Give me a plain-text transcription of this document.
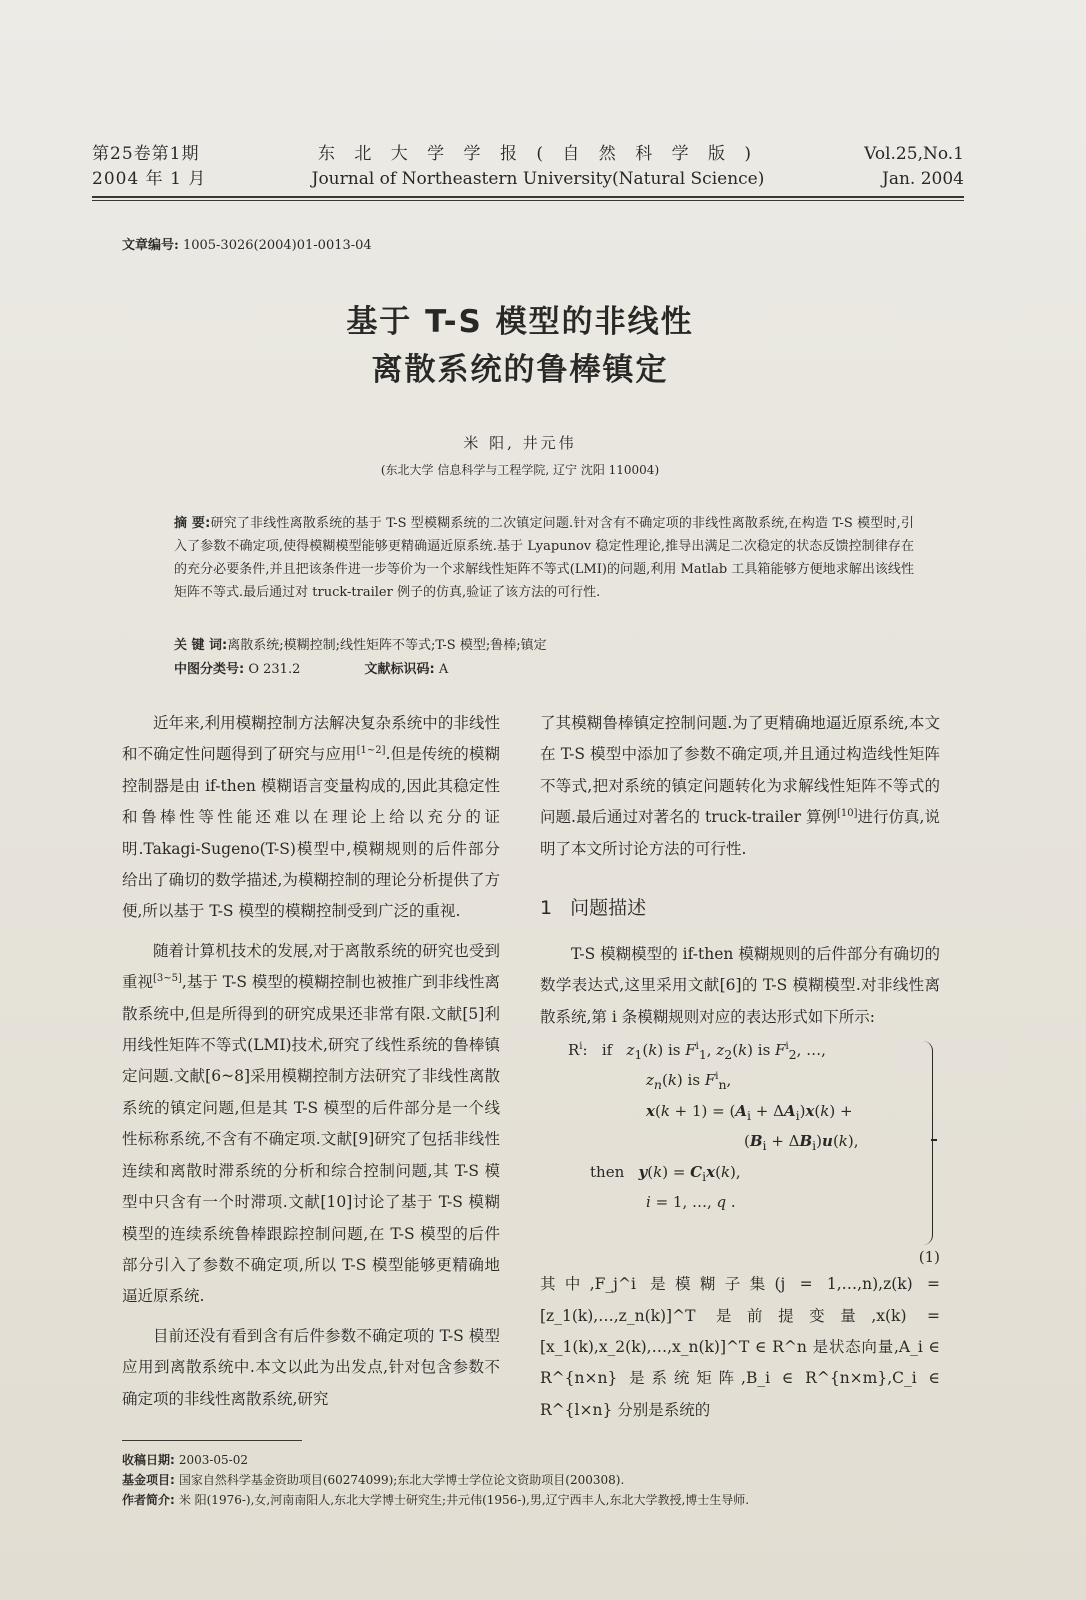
第25卷第1期
2004 年 1 月
东 北 大 学 学 报 ( 自 然 科 学 版 )
Journal of Northeastern University(Natural Science)
Vol.25,No.1
Jan. 2004
文章编号: 1005-3026(2004)01-0013-04
基于 T-S 模型的非线性
离散系统的鲁棒镇定
米 阳, 井元伟
(东北大学 信息科学与工程学院, 辽宁 沈阳 110004)
摘 要:研究了非线性离散系统的基于 T-S 型模糊系统的二次镇定问题.针对含有不确定项的非线性离散系统,在构造 T-S 模型时,引入了参数不确定项,使得模糊模型能够更精确逼近原系统.基于 Lyapunov 稳定性理论,推导出满足二次稳定的状态反馈控制律存在的充分必要条件,并且把该条件进一步等价为一个求解线性矩阵不等式(LMI)的问题,利用 Matlab 工具箱能够方便地求解出该线性矩阵不等式.最后通过对 truck-trailer 例子的仿真,验证了该方法的可行性.
关 键 词:离散系统;模糊控制;线性矩阵不等式;T-S 模型;鲁棒;镇定
中图分类号: O 231.2	文献标识码: A

近年来,利用模糊控制方法解决复杂系统中的非线性和不确定性问题得到了研究与应用[1~2].但是传统的模糊控制器是由 if-then 模糊语言变量构成的,因此其稳定性和鲁棒性等性能还难以在理论上给以充分的证明.Takagi-Sugeno(T-S)模型中,模糊规则的后件部分给出了确切的数学描述,为模糊控制的理论分析提供了方便,所以基于 T-S 模型的模糊控制受到广泛的重视.

随着计算机技术的发展,对于离散系统的研究也受到重视[3~5],基于 T-S 模型的模糊控制也被推广到非线性离散系统中,但是所得到的研究成果还非常有限.文献[5]利用线性矩阵不等式(LMI)技术,研究了线性系统的鲁棒镇定问题.文献[6~8]采用模糊控制方法研究了非线性离散系统的镇定问题,但是其 T-S 模型的后件部分是一个线性标称系统,不含有不确定项.文献[9]研究了包括非线性连续和离散时滞系统的分析和综合控制问题,其 T-S 模型中只含有一个时滞项.文献[10]讨论了基于 T-S 模糊模型的连续系统鲁棒跟踪控制问题,在 T-S 模型的后件部分引入了参数不确定项,所以 T-S 模型能够更精确地逼近原系统.

目前还没有看到含有后件参数不确定项的 T-S 模型应用到离散系统中.本文以此为出发点,针对包含参数不确定项的非线性离散系统,研究

了其模糊鲁棒镇定控制问题.为了更精确地逼近原系统,本文在 T-S 模型中添加了参数不确定项,并且通过构造线性矩阵不等式,把对系统的镇定问题转化为求解线性矩阵不等式的问题.最后通过对著名的 truck-trailer 算例[10]进行仿真,说明了本文所讨论方法的可行性.

1 问题描述

T-S 模糊模型的 if-then 模糊规则的后件部分有确切的数学表达式,这里采用文献[6]的 T-S 模糊模型.对非线性离散系统,第 i 条模糊规则对应的表达形式如下所示:

$R^i$:   if   $z_1(k)$ is $F^i_1$, $z_2(k)$ is $F^i_2$, …,
$z_n(k)$ is $F^i_n$,
$x(k + 1) = (A_i + \Delta A_i)x(k)$ +
$(B_i + \Delta B_i)u(k)$,
then   $y(k) = C_ix(k)$,
i = 1, …, q .

(1)

其中,F_j^i 是模糊子集(j = 1,…,n),z(k) = [z_1(k),…,z_n(k)]^T 是前提变量,x(k) = [x_1(k),x_2(k),…,x_n(k)]^T ∈ R^n 是状态向量,A_i ∈ R^{n×n} 是系统矩阵,B_i ∈ R^{n×m},C_i ∈ R^{l×n} 分别是系统的

收稿日期: 2003-05-02
基金项目: 国家自然科学基金资助项目(60274099);东北大学博士学位论文资助项目(200308).
作者简介: 米 阳(1976-),女,河南南阳人,东北大学博士研究生;井元伟(1956-),男,辽宁西丰人,东北大学教授,博士生导师.
